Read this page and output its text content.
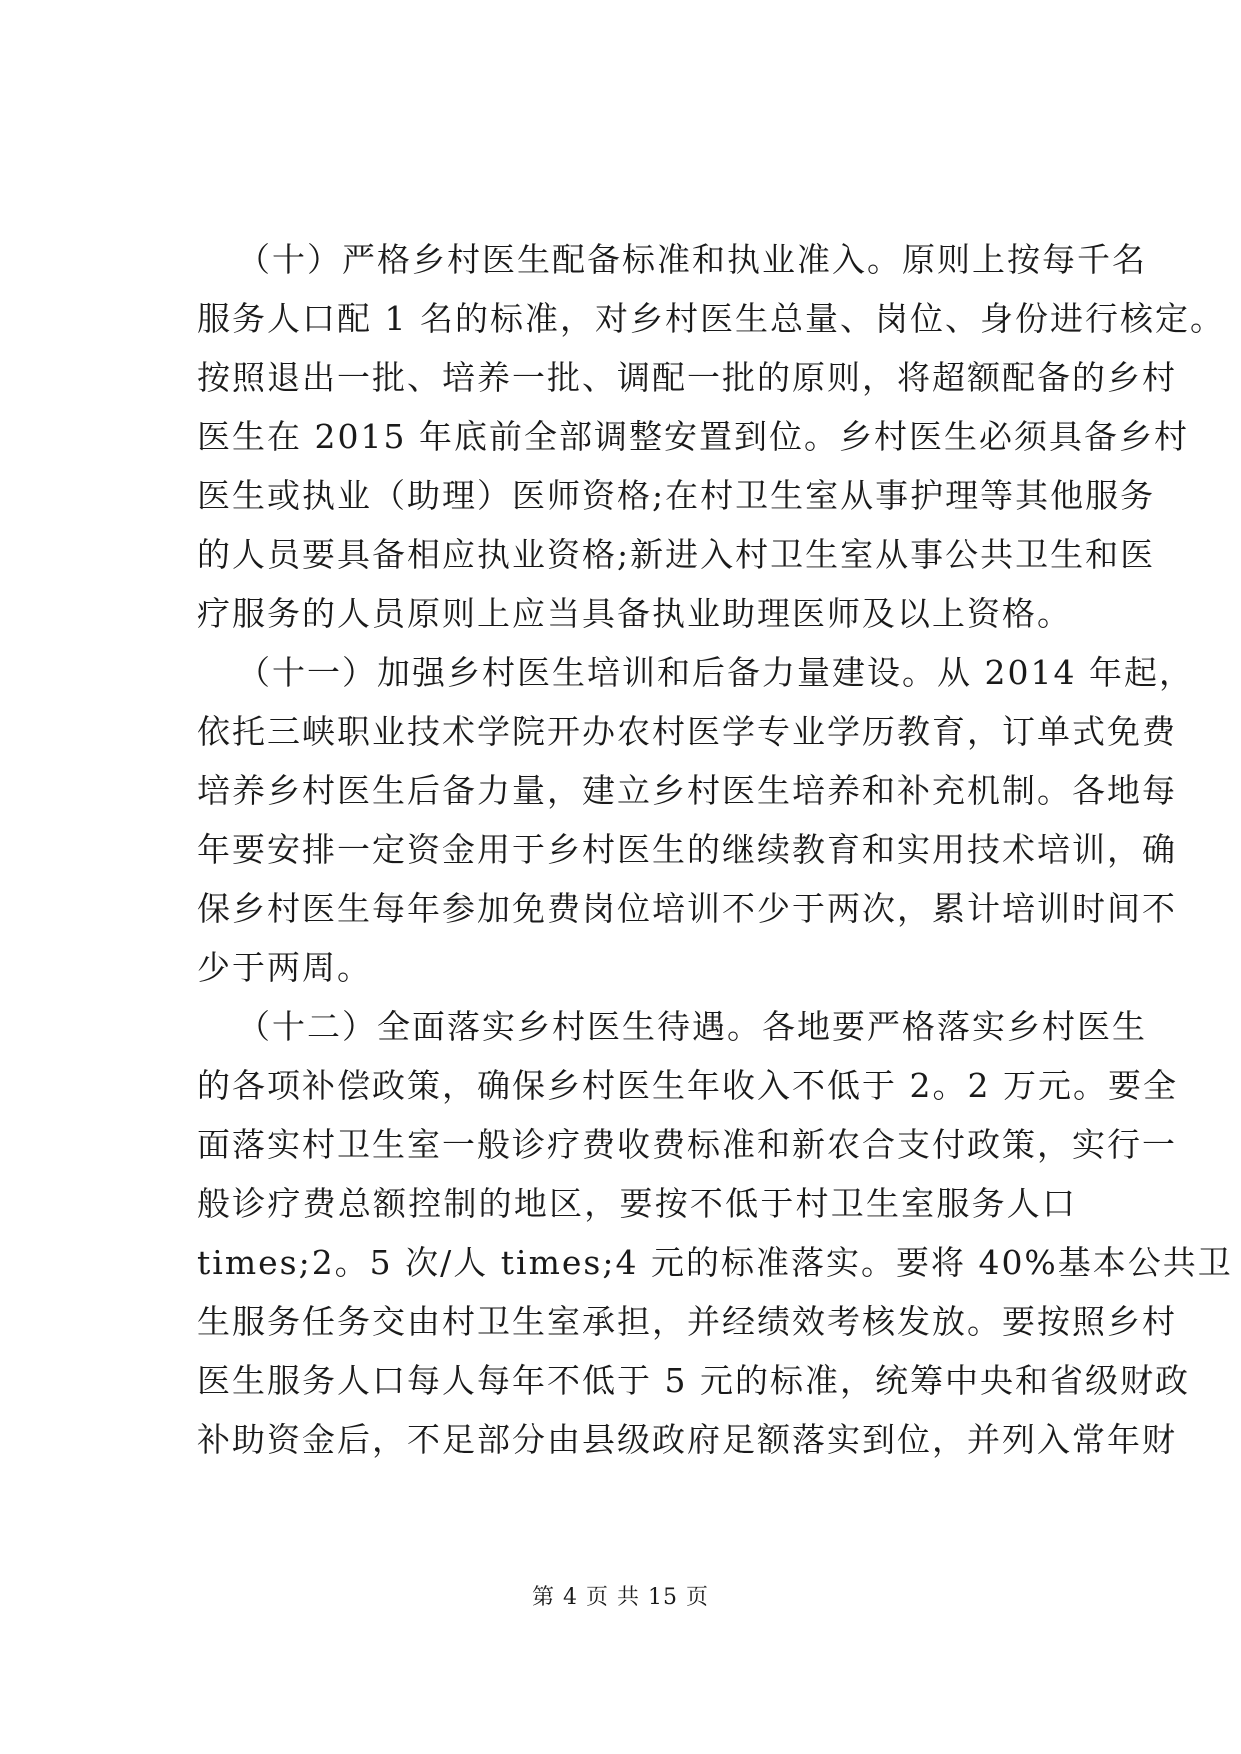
（十）严格乡村医生配备标准和执业准入。原则上按每千名
服务人口配 1 名的标准，对乡村医生总量、岗位、身份进行核定。
按照退出一批、培养一批、调配一批的原则，将超额配备的乡村
医生在 2015 年底前全部调整安置到位。乡村医生必须具备乡村
医生或执业（助理）医师资格;在村卫生室从事护理等其他服务
的人员要具备相应执业资格;新进入村卫生室从事公共卫生和医
疗服务的人员原则上应当具备执业助理医师及以上资格。
（十一）加强乡村医生培训和后备力量建设。从 2014 年起，
依托三峡职业技术学院开办农村医学专业学历教育，订单式免费
培养乡村医生后备力量，建立乡村医生培养和补充机制。各地每
年要安排一定资金用于乡村医生的继续教育和实用技术培训，确
保乡村医生每年参加免费岗位培训不少于两次，累计培训时间不
少于两周。
（十二）全面落实乡村医生待遇。各地要严格落实乡村医生
的各项补偿政策，确保乡村医生年收入不低于 2。2 万元。要全
面落实村卫生室一般诊疗费收费标准和新农合支付政策，实行一
般诊疗费总额控制的地区，要按不低于村卫生室服务人口
times;2。5 次/人 times;4 元的标准落实。要将 40%基本公共卫
生服务任务交由村卫生室承担，并经绩效考核发放。要按照乡村
医生服务人口每人每年不低于 5 元的标准，统筹中央和省级财政
补助资金后，不足部分由县级政府足额落实到位，并列入常年财
第 4 页 共 15 页
